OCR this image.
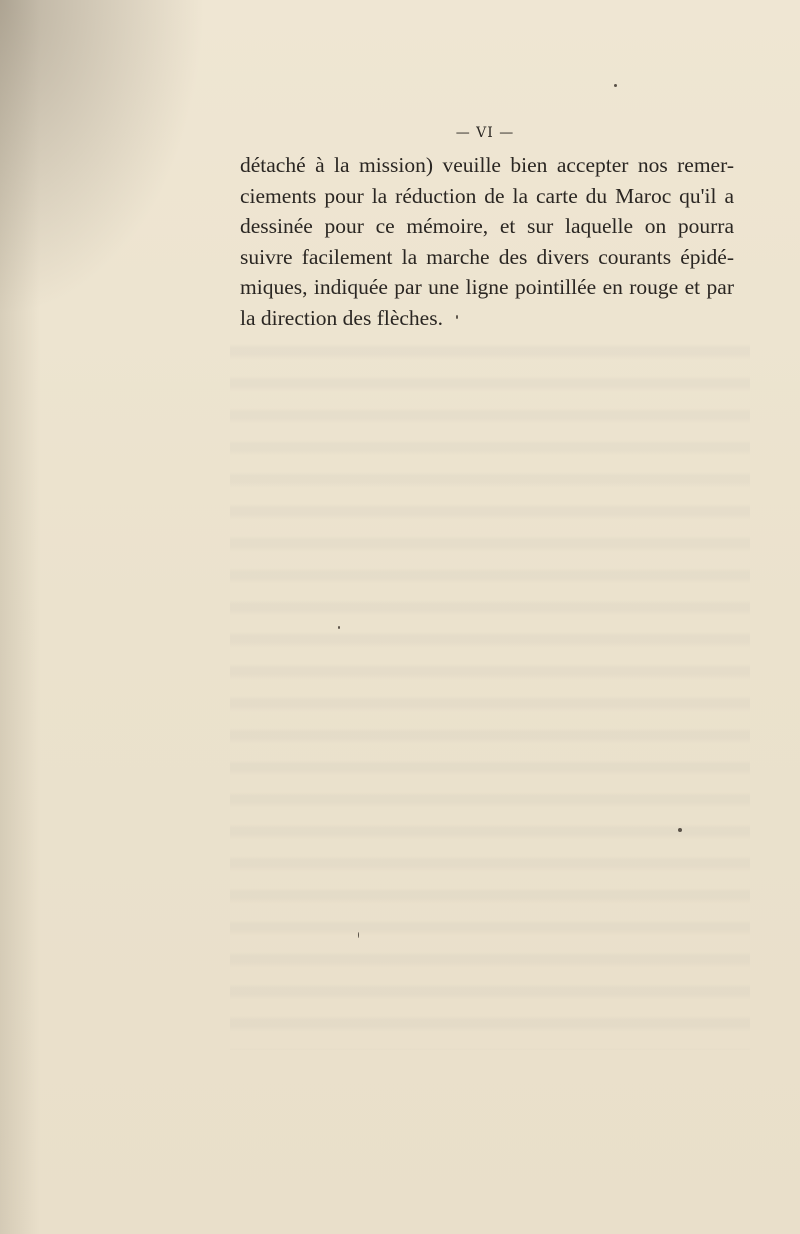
— VI —
détaché à la mission) veuille bien accepter nos remer-
ciements pour la réduction de la carte du Maroc qu'il a
dessinée pour ce mémoire, et sur laquelle on pourra
suivre facilement la marche des divers courants épidé-
miques, indiquée par une ligne pointillée en rouge et par
la direction des flèches.
